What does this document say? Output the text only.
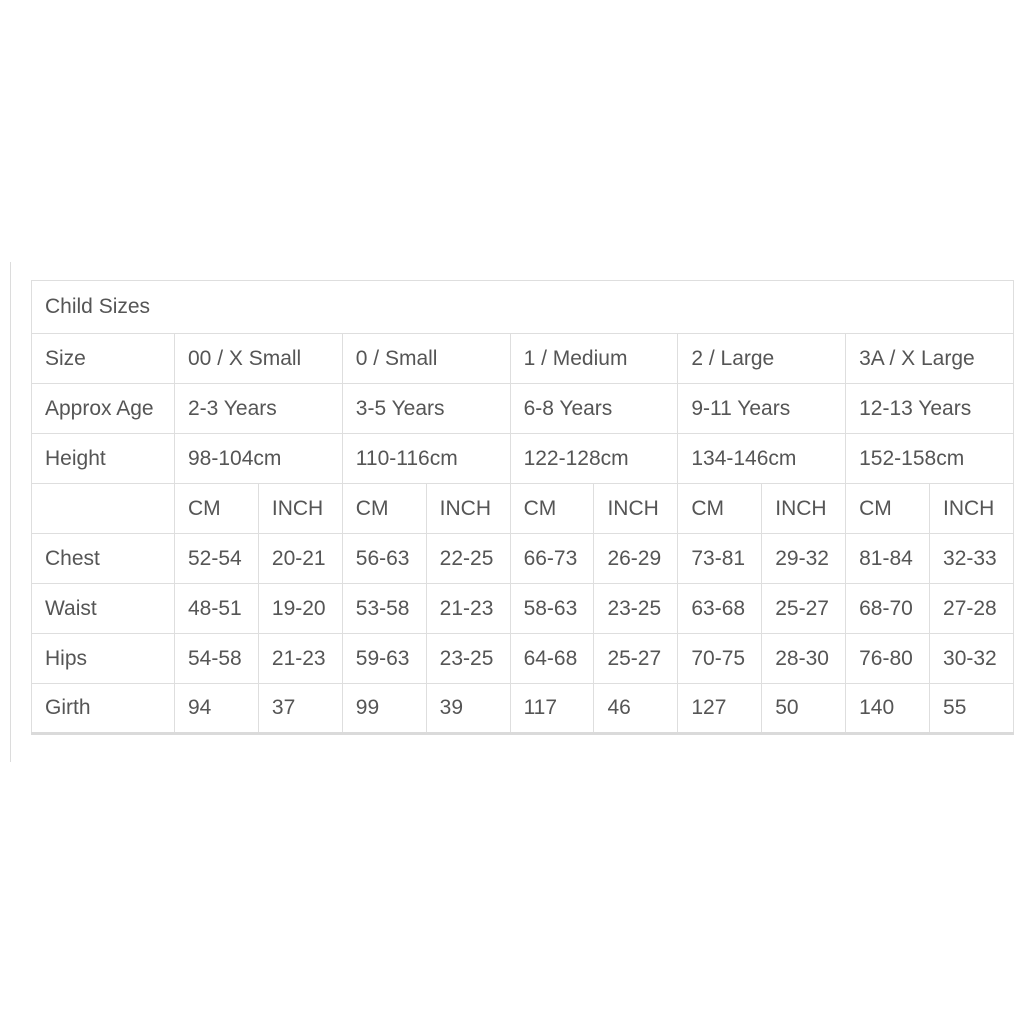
Child Sizes										
Size	00 / X Small		0 / Small		1 / Medium		2 / Large		3A / X Large	
Approx Age	2-3 Years		3-5 Years		6-8 Years		9-11 Years		12-13 Years	
Height	98-104cm		110-116cm		122-128cm		134-146cm		152-158cm	
	CM	INCH	CM	INCH	CM	INCH	CM	INCH	CM	INCH
Chest	52-54	20-21	56-63	22-25	66-73	26-29	73-81	29-32	81-84	32-33
Waist	48-51	19-20	53-58	21-23	58-63	23-25	63-68	25-27	68-70	27-28
Hips	54-58	21-23	59-63	23-25	64-68	25-27	70-75	28-30	76-80	30-32
Girth	94	37	99	39	117	46	127	50	140	55
